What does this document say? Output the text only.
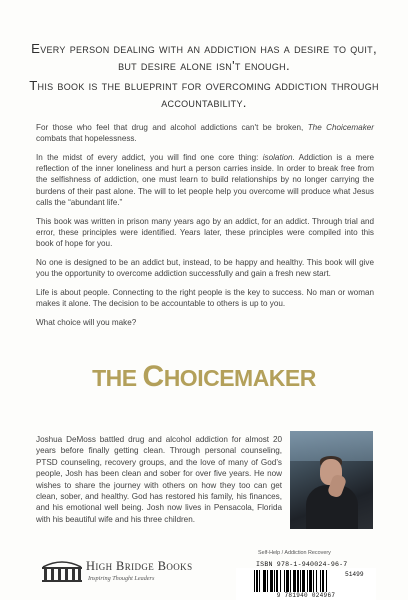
Every person dealing with an addiction has a desire to quit, but desire alone isn't enough.
This book is the blueprint for overcoming addiction through accountability.

For those who feel that drug and alcohol addictions can't be broken, The Choicemaker combats that hopelessness.

In the midst of every addict, you will find one core thing: isolation. Addiction is a mere reflection of the inner loneliness and hurt a person carries inside. In order to break free from the selfishness of addiction, one must learn to build relationships by no longer carrying the burdens of their past alone. The will to let people help you overcome will produce what Jesus calls the “abundant life.”

This book was written in prison many years ago by an addict, for an addict. Through trial and error, these principles were identified. Years later, these principles were compiled into this book of hope for you.

No one is designed to be an addict but, instead, to be happy and healthy. This book will give you the opportunity to overcome addiction successfully and gain a fresh new start.

Life is about people. Connecting to the right people is the key to success. No man or woman makes it alone. The decision to be accountable to others is up to you.

What choice will you make?

THE CHOICEMAKER
Joshua DeMoss battled drug and alcohol addiction for almost 20 years before finally getting clean. Through personal counseling, PTSD counseling, recovery groups, and the love of many of God’s people, Josh has been clean and sober for over five years. He now wishes to share the journey with others on how they too can get clean, sober, and healthy. God has restored his family, his finances, and his emotional well being. Josh now lives in Pensacola, Florida with his beautiful wife and his three children.
High Bridge Books
Inspiring Thought Leaders
Self-Help / Addiction Recovery
ISBN 978-1-940024-96-7
51499
9 781940 024967
